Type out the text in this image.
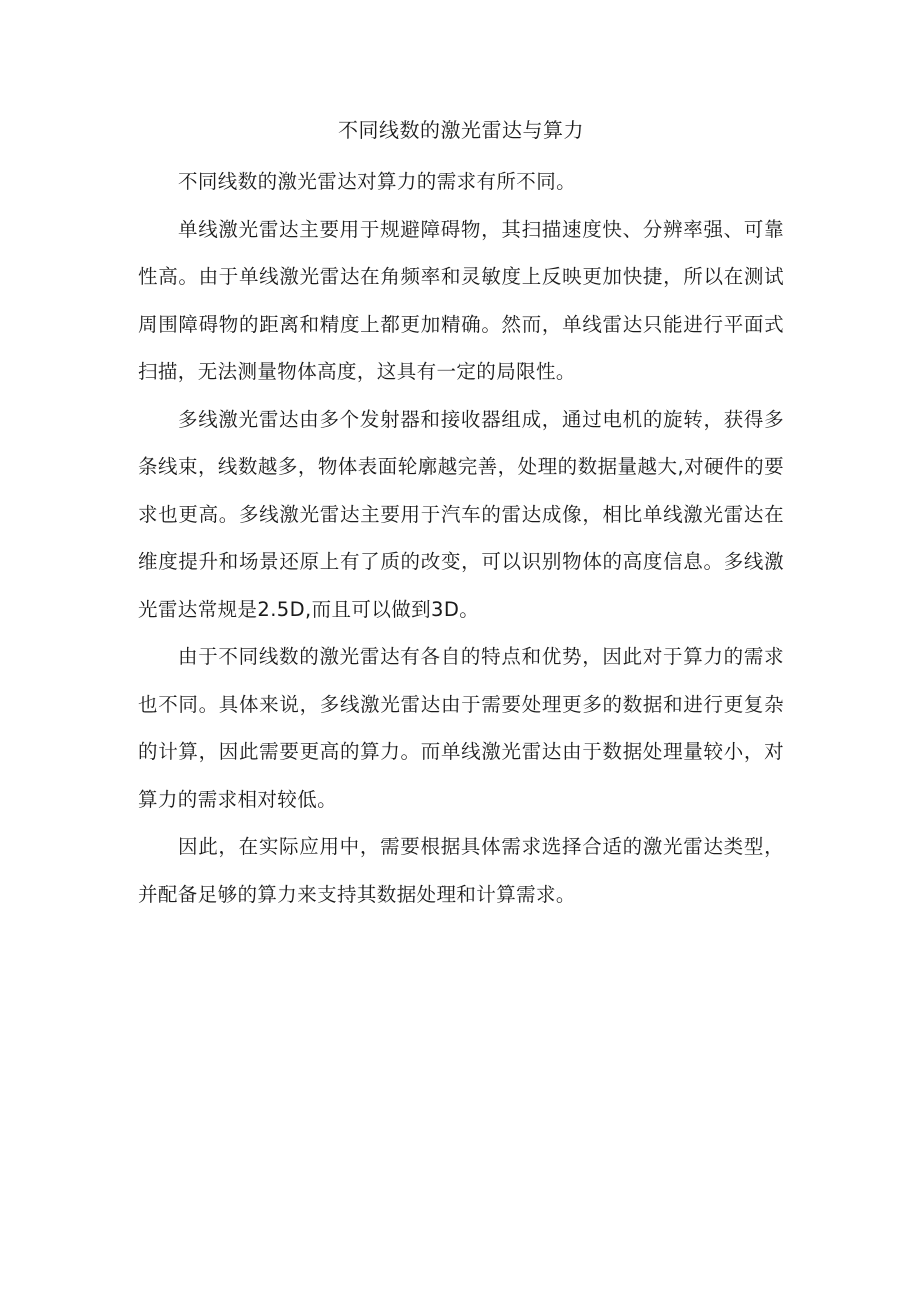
不同线数的激光雷达与算力

不同线数的激光雷达对算力的需求有所不同。

单线激光雷达主要用于规避障碍物，其扫描速度快、分辨率强、可靠性高。由于单线激光雷达在角频率和灵敏度上反映更加快捷，所以在测试周围障碍物的距离和精度上都更加精确。然而，单线雷达只能进行平面式扫描，无法测量物体高度，这具有一定的局限性。

多线激光雷达由多个发射器和接收器组成，通过电机的旋转，获得多条线束，线数越多，物体表面轮廓越完善，处理的数据量越大,对硬件的要求也更高。多线激光雷达主要用于汽车的雷达成像，相比单线激光雷达在维度提升和场景还原上有了质的改变，可以识别物体的高度信息。多线激光雷达常规是2.5D,而且可以做到3D。

由于不同线数的激光雷达有各自的特点和优势，因此对于算力的需求也不同。具体来说，多线激光雷达由于需要处理更多的数据和进行更复杂的计算，因此需要更高的算力。而单线激光雷达由于数据处理量较小，对算力的需求相对较低。

因此，在实际应用中，需要根据具体需求选择合适的激光雷达类型，并配备足够的算力来支持其数据处理和计算需求。
